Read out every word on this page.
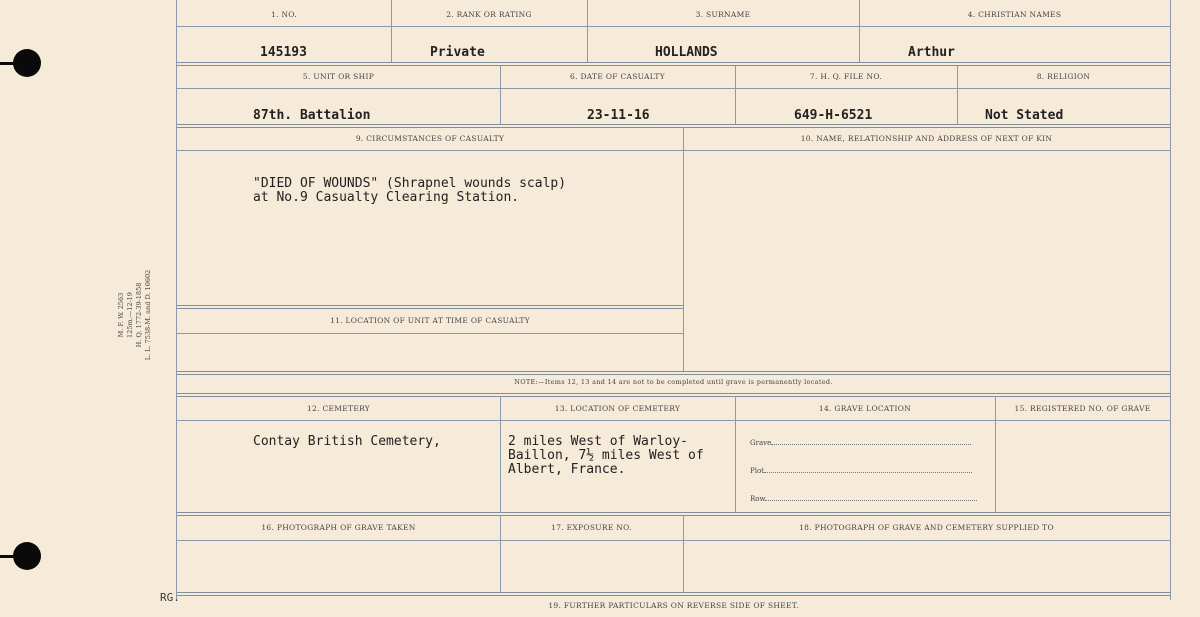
M. F. W. 2563 125m.—12-19 H. Q. 1772-39-1858 L. L. 7538-M. and D. 10602
RG.
1. NO.	2. RANK OR RATING	3. SURNAME	4. CHRISTIAN NAMES
145193	Private	HOLLANDS	Arthur
5. UNIT OR SHIP	6. DATE OF CASUALTY	7. H. Q. FILE NO.	8. RELIGION
87th. Battalion	23-11-16	649-H-6521	Not Stated
9. CIRCUMSTANCES OF CASUALTY	10. NAME, RELATIONSHIP AND ADDRESS OF NEXT OF KIN
"DIED OF WOUNDS" (Shrapnel wounds scalp)
at No.9 Casualty Clearing Station.
11. LOCATION OF UNIT AT TIME OF CASUALTY
NOTE:—Items 12, 13 and 14 are not to be completed until grave is permanently located.
12. CEMETERY	13. LOCATION OF CEMETERY	14. GRAVE LOCATION	15. REGISTERED NO. OF GRAVE
Contay British Cemetery,	2 miles West of Warloy-
Baillon, 7½ miles West of
Albert, France.
Grave
Plot
Row
16. PHOTOGRAPH OF GRAVE TAKEN	17. EXPOSURE NO.	18. PHOTOGRAPH OF GRAVE AND CEMETERY SUPPLIED TO
19. FURTHER PARTICULARS ON REVERSE SIDE OF SHEET.
